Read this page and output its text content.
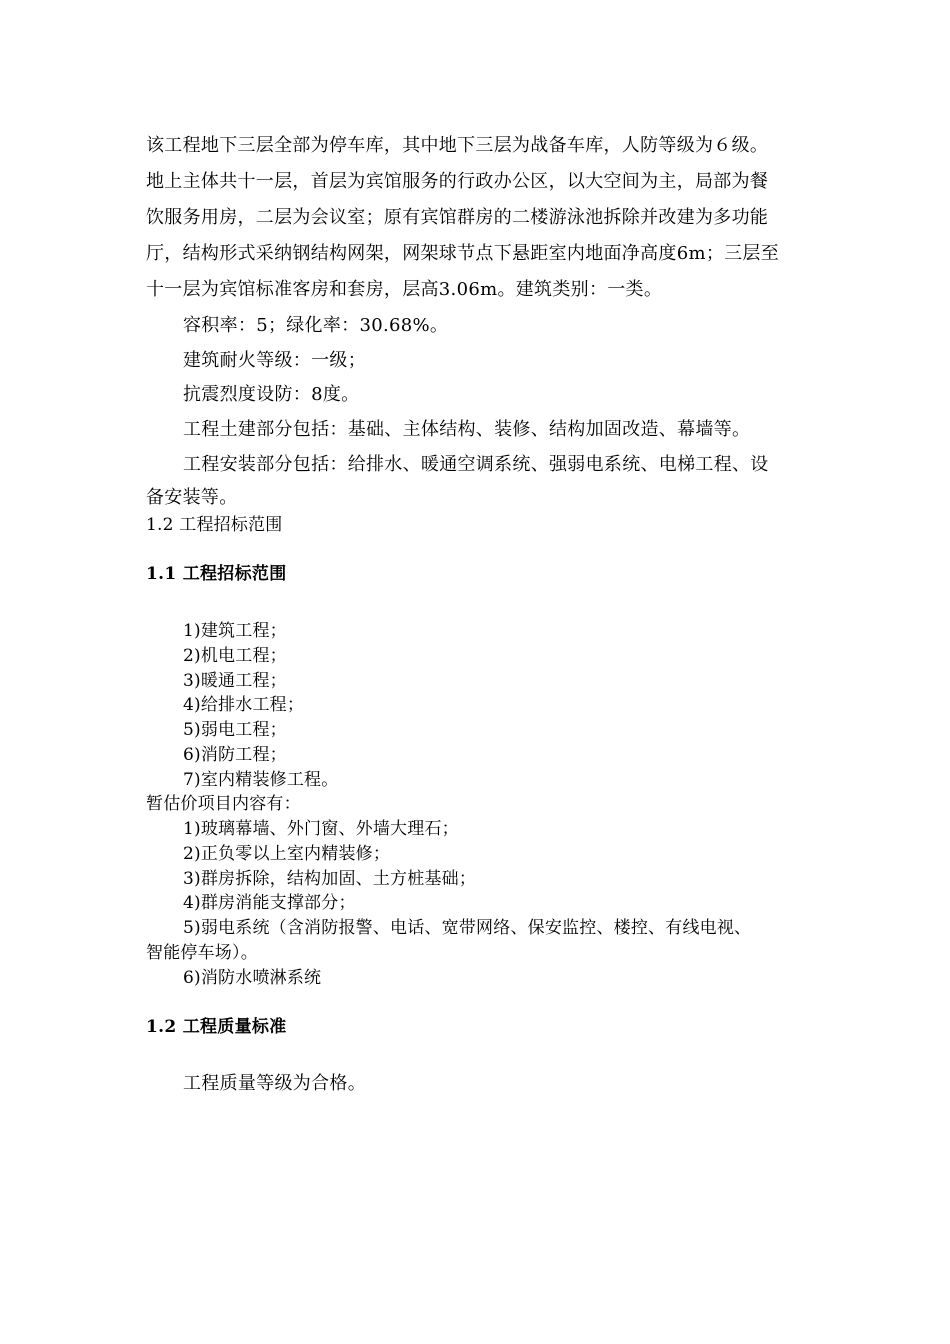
该工程地下三层全部为停车库，其中地下三层为战备车库，人防等级为６级。
地上主体共十一层，首层为宾馆服务的行政办公区，以大空间为主，局部为餐
饮服务用房，二层为会议室；原有宾馆群房的二楼游泳池拆除并改建为多功能
厅，结构形式采纳钢结构网架，网架球节点下悬距室内地面净高度6m；三层至
十一层为宾馆标准客房和套房，层高3.06m。建筑类别：一类。
容积率：5；绿化率：30.68%。
建筑耐火等级：一级；
抗震烈度设防：8度。
工程土建部分包括：基础、主体结构、装修、结构加固改造、幕墙等。
工程安装部分包括：给排水、暖通空调系统、强弱电系统、电梯工程、设
备安装等。
1.2 工程招标范围
1.1 工程招标范围
1)建筑工程；
2)机电工程；
3)暖通工程；
4)给排水工程；
5)弱电工程；
6)消防工程；
7)室内精装修工程。
暂估价项目内容有：
1)玻璃幕墙、外门窗、外墙大理石；
2)正负零以上室内精装修；
3)群房拆除，结构加固、土方桩基础；
4)群房消能支撑部分；
5)弱电系统（含消防报警、电话、宽带网络、保安监控、楼控、有线电视、
智能停车场）。
6)消防水喷淋系统
1.2 工程质量标准
工程质量等级为合格。
